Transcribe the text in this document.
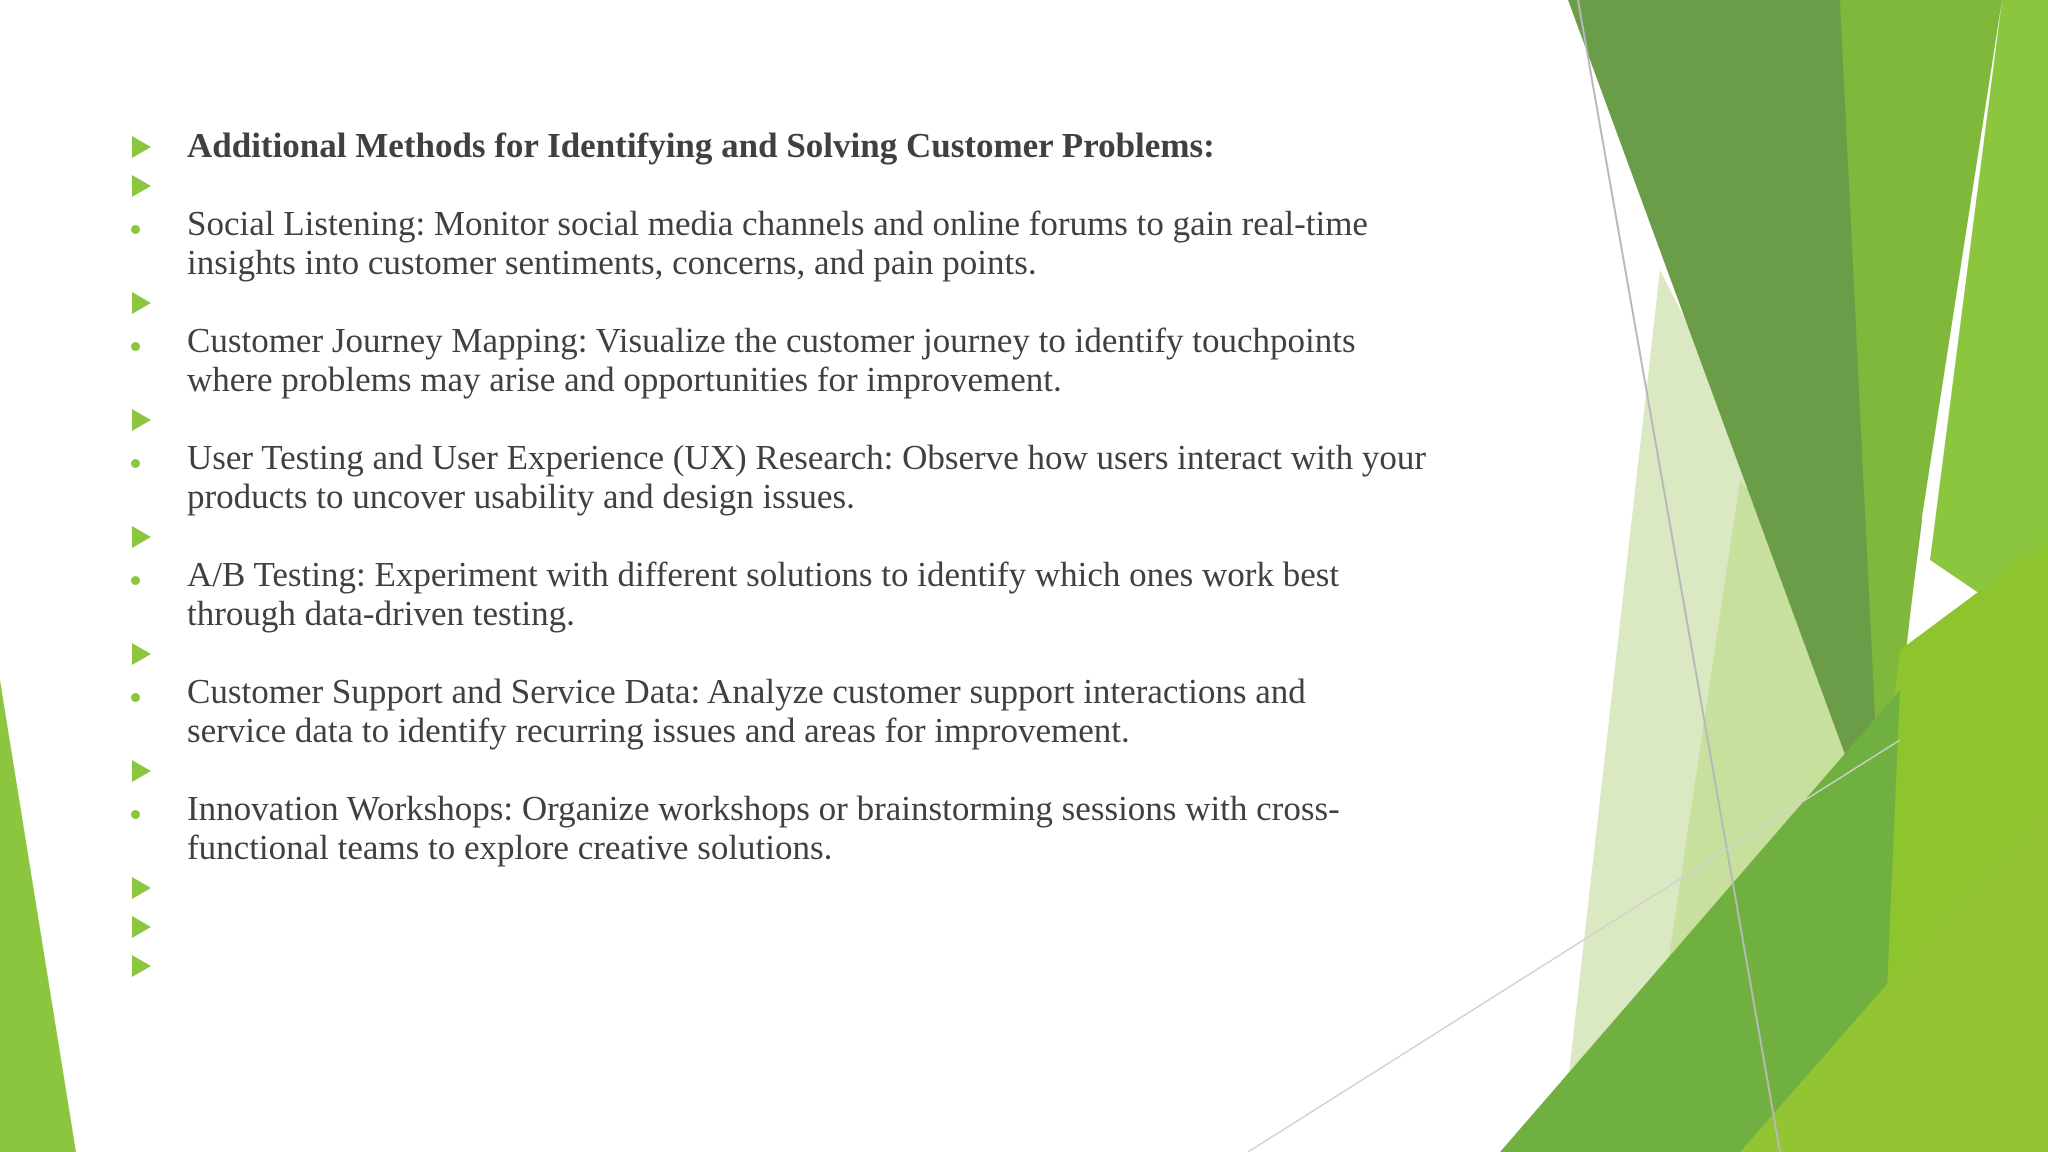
Additional Methods for Identifying and Solving Customer Problems:
Social Listening: Monitor social media channels and online forums to gain real-time
insights into customer sentiments, concerns, and pain points.
Customer Journey Mapping: Visualize the customer journey to identify touchpoints
where problems may arise and opportunities for improvement.
User Testing and User Experience (UX) Research: Observe how users interact with your
products to uncover usability and design issues.
A/B Testing: Experiment with different solutions to identify which ones work best
through data-driven testing.
Customer Support and Service Data: Analyze customer support interactions and
service data to identify recurring issues and areas for improvement.
Innovation Workshops: Organize workshops or brainstorming sessions with cross-
functional teams to explore creative solutions.
